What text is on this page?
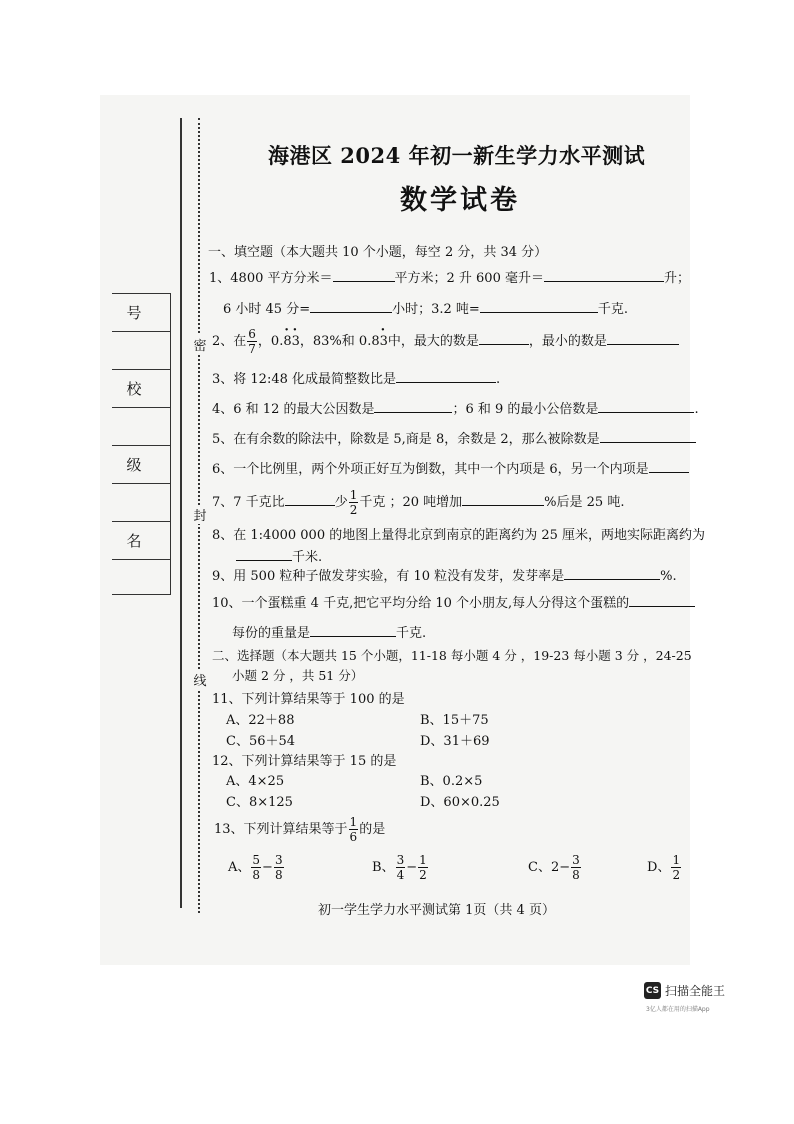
密
封
线
号
校
级
名
海港区 2024 年初一新生学力水平测试
数学试卷
一、填空题（本大题共 10 个小题，每空 2 分，共 34 分）
1、4800 平方分米＝	平方米；2 升 600 毫升＝	升；
6 小时 45 分=	小时；3.2 吨=	千克.
2、在 $\frac{6}{7}$ ，0.· 8· 3，83%和 0.8· 3中，最大的数是	，最小的数是
3、将 12:48 化成最简整数比是	.
4、6 和 12 的最大公因数是	；6 和 9 的最小公倍数是	.
5、在有余数的除法中，除数是 5,商是 8，余数是 2，那么被除数是
6、一个比例里，两个外项正好互为倒数，其中一个内项是 6，另一个内项是
7、7 千克比	少 $\frac{1}{2}$ 千克 ；20 吨增加	%后是 25 吨.
8、在 1:4000 000 的地图上量得北京到南京的距离约为 25 厘米，两地实际距离约为
千米.
9、用 500 粒种子做发芽实验，有 10 粒没有发芽，发芽率是	%.
10、一个蛋糕重 4 千克,把它平均分给 10 个小朋友,每人分得这个蛋糕的
每份的重量是	千克.
二、选择题（本大题共 15 个小题，11-18 每小题 4 分 ，19-23 每小题 3 分 ，24-25
小题 2 分 ，共 51 分）
11、下列计算结果等于 100 的是
A、22＋88	B、15＋75
C、56＋54	D、31＋69
12、下列计算结果等于 15 的是
A、4×25	B、0.2×5
C、8×125	D、60×0.25
13、下列计算结果等于 $\frac{1}{6}$ 的是
A、 $\frac{5}{8} - \frac{3}{8}$	B、 $\frac{3}{4} - \frac{1}{2}$	C、$2- \frac{3}{8}$	D、 $\frac{1}{2}$
初一学生学力水平测试第 1页（共 4 页）
CS 扫描全能王
3亿人都在用的扫描App
